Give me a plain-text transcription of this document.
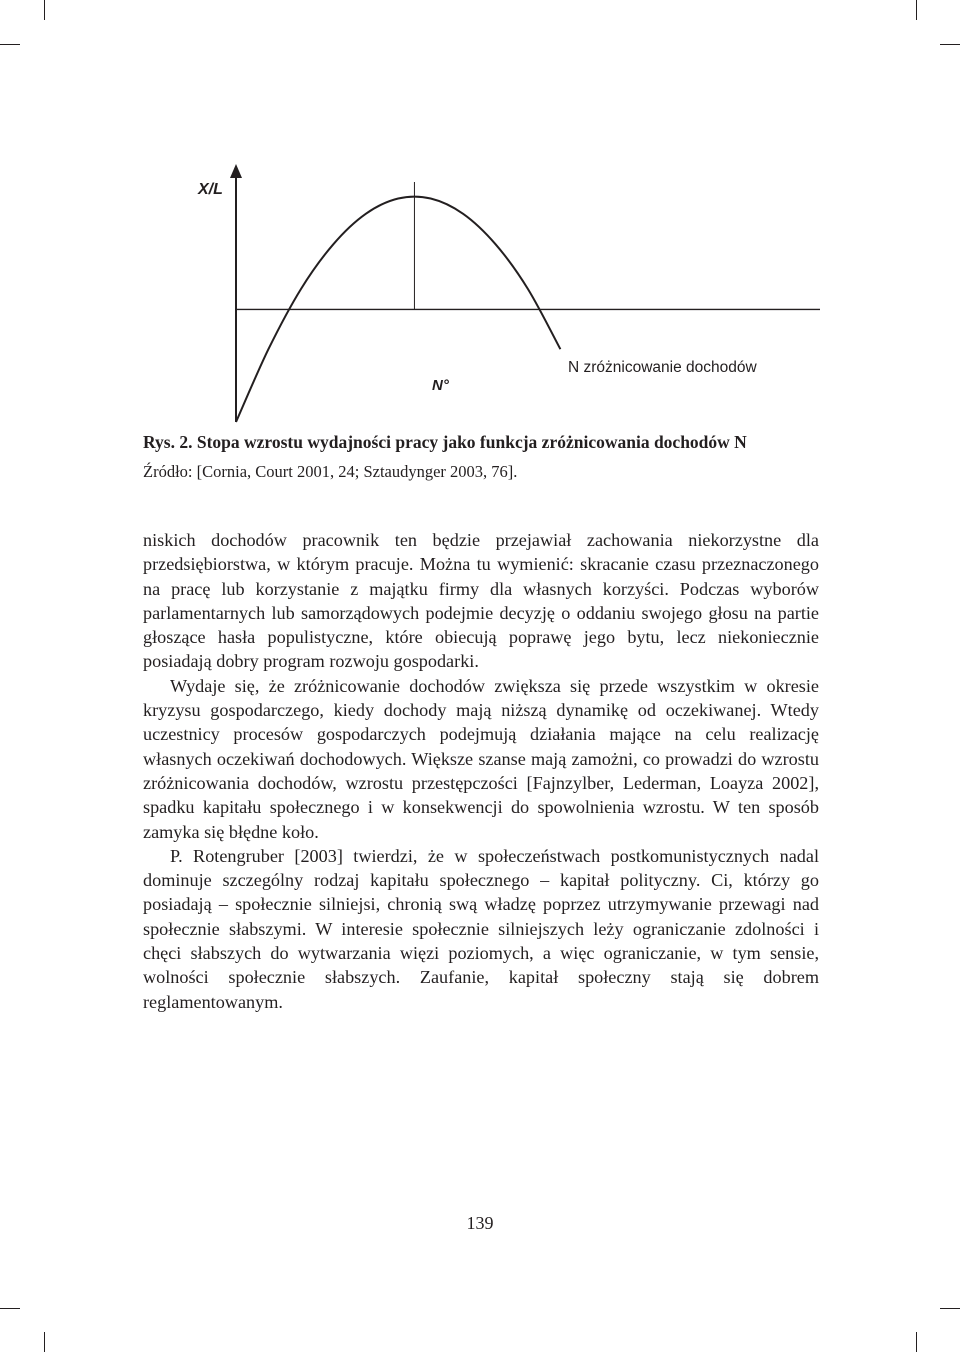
X/L
N zróżnicowanie dochodów
N°
Rys. 2. Stopa wzrostu wydajności pracy jako funkcja zróżnicowania dochodów N
Źródło: [Cornia, Court 2001, 24; Sztaudynger 2003, 76].

niskich dochodów pracownik ten będzie przejawiał zachowania niekorzystne dla przedsiębiorstwa, w którym pracuje. Można tu wymienić: skracanie czasu przeznaczonego na pracę lub korzystanie z majątku firmy dla własnych korzyści. Podczas wyborów parlamentarnych lub samorządowych podejmie decyzję o oddaniu swojego głosu na partie głoszące hasła populistyczne, które obiecują poprawę jego bytu, lecz niekoniecznie posiadają dobry program rozwoju gospodarki.

Wydaje się, że zróżnicowanie dochodów zwiększa się przede wszystkim w okresie kryzysu gospodarczego, kiedy dochody mają niższą dynamikę od oczekiwanej. Wtedy uczestnicy procesów gospodarczych podejmują działania mające na celu realizację własnych oczekiwań dochodowych. Większe szanse mają zamożni, co prowadzi do wzrostu zróżnicowania dochodów, wzrostu przestępczości [Fajnzylber, Lederman, Loayza 2002], spadku kapitału społecznego i w konsekwencji do spowolnienia wzrostu. W ten sposób zamyka się błędne koło.

P. Rotengruber [2003] twierdzi, że w społeczeństwach postkomunistycznych nadal dominuje szczególny rodzaj kapitału społecznego – kapitał polityczny. Ci, którzy go posiadają – społecznie silniejsi, chronią swą władzę poprzez utrzymywanie przewagi nad społecznie słabszymi. W interesie społecznie silniejszych leży ograniczanie zdolności i chęci słabszych do wytwarzania więzi poziomych, a więc ograniczanie, w tym sensie, wolności społecznie słabszych. Zaufanie, kapitał społeczny stają się dobrem reglamentowanym.

139
